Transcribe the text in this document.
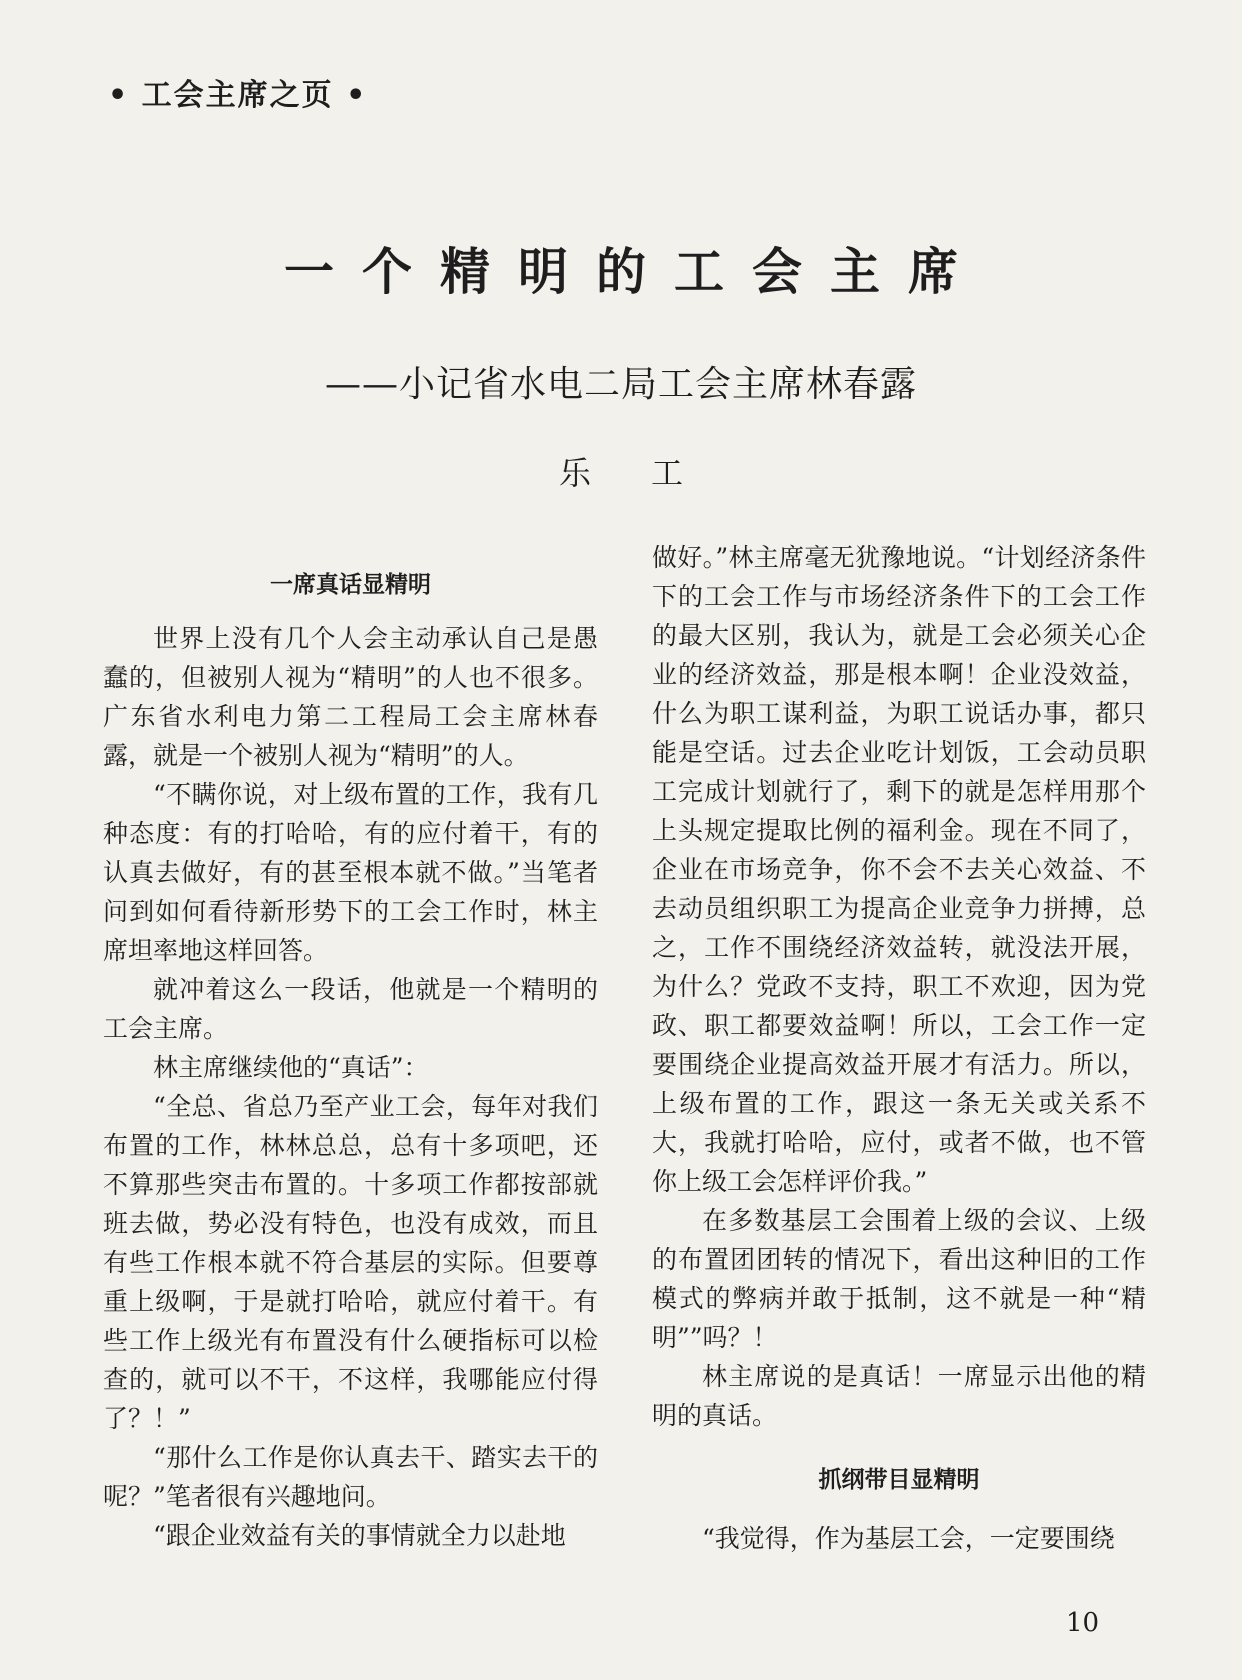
• 工会主席之页 •
一个精明的工会主席
——小记省水电二局工会主席林春露
乐工
一席真话显精明

世界上没有几个人会主动承认自己是愚蠢的，但被别人视为“精明”的人也不很多。广东省水利电力第二工程局工会主席林春露，就是一个被别人视为“精明”的人。

“不瞒你说，对上级布置的工作，我有几种态度：有的打哈哈，有的应付着干，有的认真去做好，有的甚至根本就不做。”当笔者问到如何看待新形势下的工会工作时，林主席坦率地这样回答。

就冲着这么一段话，他就是一个精明的工会主席。

林主席继续他的“真话”：

“全总、省总乃至产业工会，每年对我们布置的工作，林林总总，总有十多项吧，还不算那些突击布置的。十多项工作都按部就班去做，势必没有特色，也没有成效，而且有些工作根本就不符合基层的实际。但要尊重上级啊，于是就打哈哈，就应付着干。有些工作上级光有布置没有什么硬指标可以检查的，就可以不干，不这样，我哪能应付得了？！”

“那什么工作是你认真去干、踏实去干的呢？”笔者很有兴趣地问。

“跟企业效益有关的事情就全力以赴地

做好。”林主席毫无犹豫地说。“计划经济条件下的工会工作与市场经济条件下的工会工作的最大区别，我认为，就是工会必须关心企业的经济效益，那是根本啊！企业没效益，什么为职工谋利益，为职工说话办事，都只能是空话。过去企业吃计划饭，工会动员职工完成计划就行了，剩下的就是怎样用那个上头规定提取比例的福利金。现在不同了，企业在市场竞争，你不会不去关心效益、不去动员组织职工为提高企业竞争力拼搏，总之，工作不围绕经济效益转，就没法开展，为什么？党政不支持，职工不欢迎，因为党政、职工都要效益啊！所以，工会工作一定要围绕企业提高效益开展才有活力。所以，上级布置的工作，跟这一条无关或关系不大，我就打哈哈，应付，或者不做，也不管你上级工会怎样评价我。”

在多数基层工会围着上级的会议、上级的布置团团转的情况下，看出这种旧的工作模式的弊病并敢于抵制，这不就是一种“精明””吗？！

林主席说的是真话！一席显示出他的精明的真话。

抓纲带目显精明

“我觉得，作为基层工会，一定要围绕

10
